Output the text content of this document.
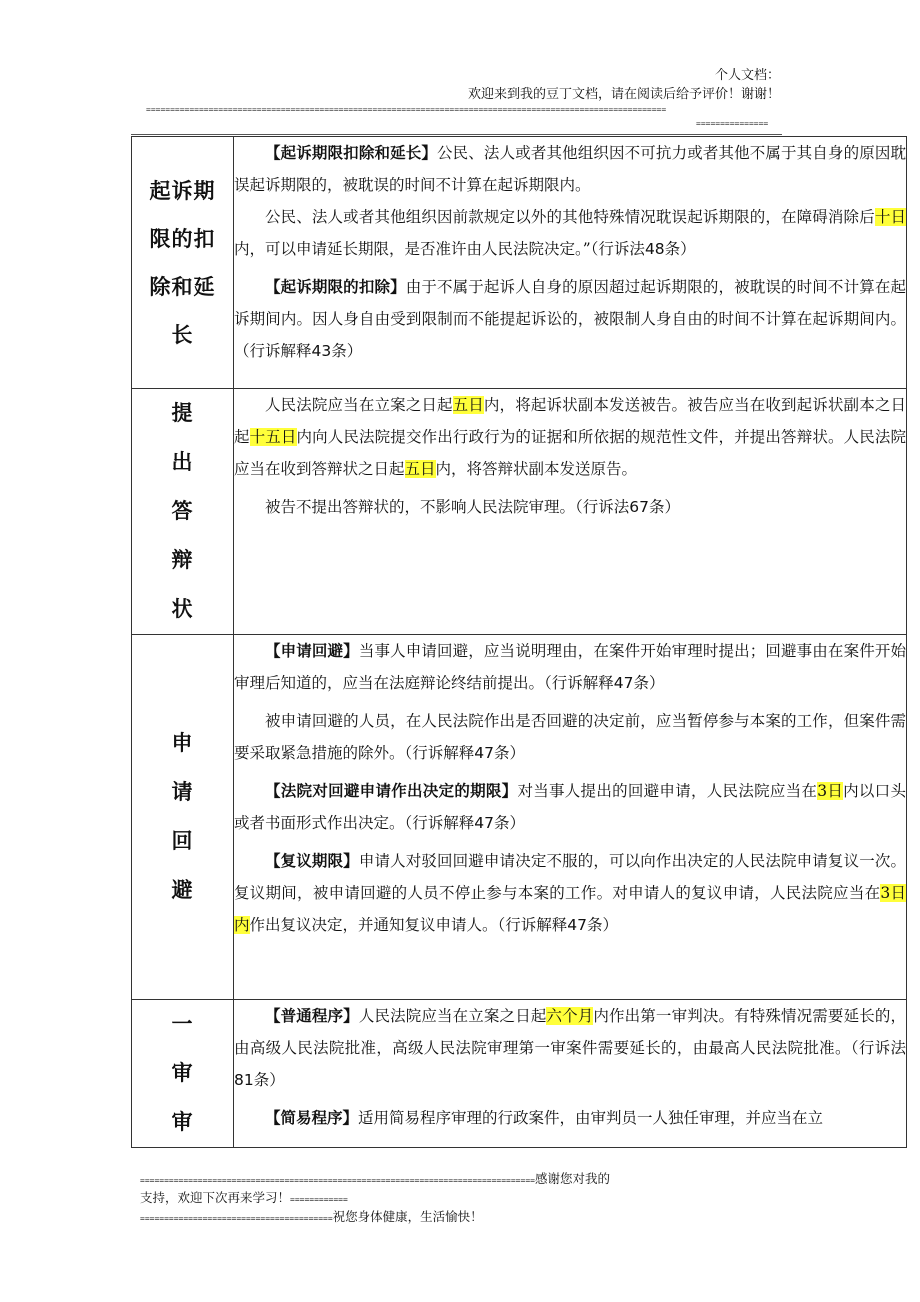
个人文档：
欢迎来到我的豆丁文档，请在阅读后给予评价！谢谢！
============================================================================================================
===============
起诉期限的扣除和延长	【起诉期限扣除和延长】公民、法人或者其他组织因不可抗力或者其他不属于其自身的原因耽误起诉期限的，被耽误的时间不计算在起诉期限内。

公民、法人或者其他组织因前款规定以外的其他特殊情况耽误起诉期限的，在障碍消除后十日内，可以申请延长期限，是否准许由人民法院决定。”（行诉法48条）

【起诉期限的扣除】由于不属于起诉人自身的原因超过起诉期限的，被耽误的时间不计算在起诉期间内。因人身自由受到限制而不能提起诉讼的，被限制人身自由的时间不计算在起诉期间内。（行诉解释43条）

提出答辩状	人民法院应当在立案之日起五日内，将起诉状副本发送被告。被告应当在收到起诉状副本之日起十五日内向人民法院提交作出行政行为的证据和所依据的规范性文件，并提出答辩状。人民法院应当在收到答辩状之日起五日内，将答辩状副本发送原告。

被告不提出答辩状的，不影响人民法院审理。（行诉法67条）

申请回避	【申请回避】当事人申请回避，应当说明理由，在案件开始审理时提出；回避事由在案件开始审理后知道的，应当在法庭辩论终结前提出。（行诉解释47条）

被申请回避的人员，在人民法院作出是否回避的决定前，应当暂停参与本案的工作，但案件需要采取紧急措施的除外。（行诉解释47条）

【法院对回避申请作出决定的期限】对当事人提出的回避申请，人民法院应当在3日内以口头或者书面形式作出决定。（行诉解释47条）

【复议期限】申请人对驳回回避申请决定不服的，可以向作出决定的人民法院申请复议一次。复议期间，被申请回避的人员不停止参与本案的工作。对申请人的复议申请，人民法院应当在3日内作出复议决定，并通知复议申请人。（行诉解释47条）

一审审	【普通程序】人民法院应当在立案之日起六个月内作出第一审判决。有特殊情况需要延长的，由高级人民法院批准，高级人民法院审理第一审案件需要延长的，由最高人民法院批准。（行诉法81条）

【简易程序】适用简易程序审理的行政案件，由审判员一人独任审理，并应当在立

==================================================================================感谢您对我的
支持，欢迎下次再来学习！============
========================================祝您身体健康，生活愉快！
